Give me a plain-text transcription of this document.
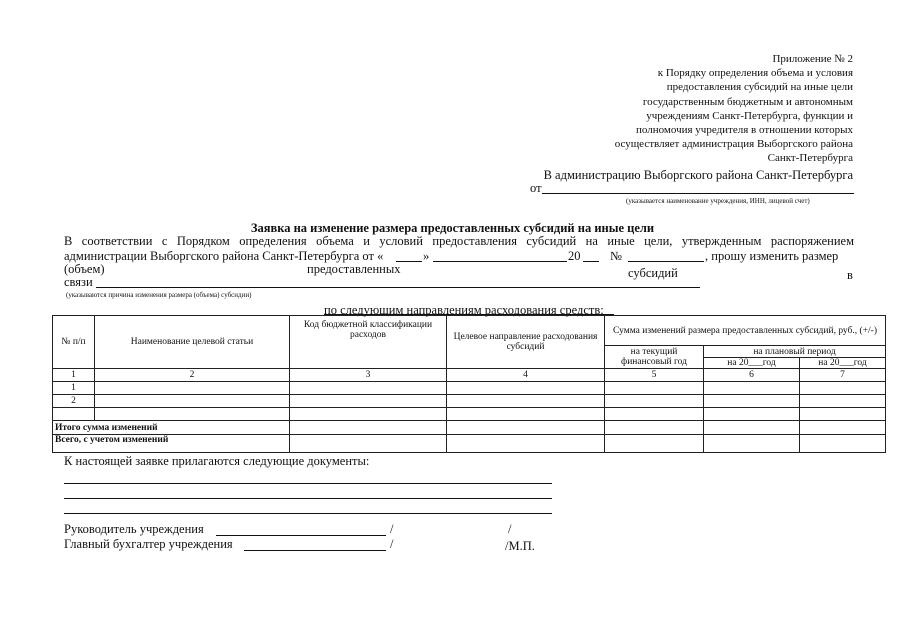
Приложение № 2
к Порядку определения объема и условия
предоставления субсидий на иные цели
государственным бюджетным и автономным
учреждениям Санкт-Петербурга, функции и
полномочия учредителя в отношении которых
осуществляет администрация Выборгского района
Санкт-Петербурга
В администрацию Выборгского района Санкт-Петербурга
от
(указывается наименование учреждения, ИНН, лицевой счет)
Заявка на изменение размера предоставленных субсидий на иные цели
В соответствии с Порядком определения объема и условий предоставления субсидий на иные цели, утвержденным распоряжением
администрации Выборгского района Санкт-Петербурга от «	»	20 №	, прошу изменить размер
(объем)	предоставленных	субсидий	в
связи
(указываются причина изменения размера (объема) субсидии)
по следующим направлениям расходования средств:
№ п/п	Наименование целевой статьи	Код бюджетной классификации расходов	Целевое направление расходования субсидий	Сумма изменений размера предоставленных субсидий, руб., (+/-)		
				на текущий финансовый год	на плановый период	
					на 20___год	на 20___год
1	2	3	4	5	6	7
1						
2						

Итого сумма изменений						
Всего, с учетом изменений						
К настоящей заявке прилагаются следующие документы:
Руководитель учреждения	/	/
Главный бухгалтер учреждения	/	/М.П.
